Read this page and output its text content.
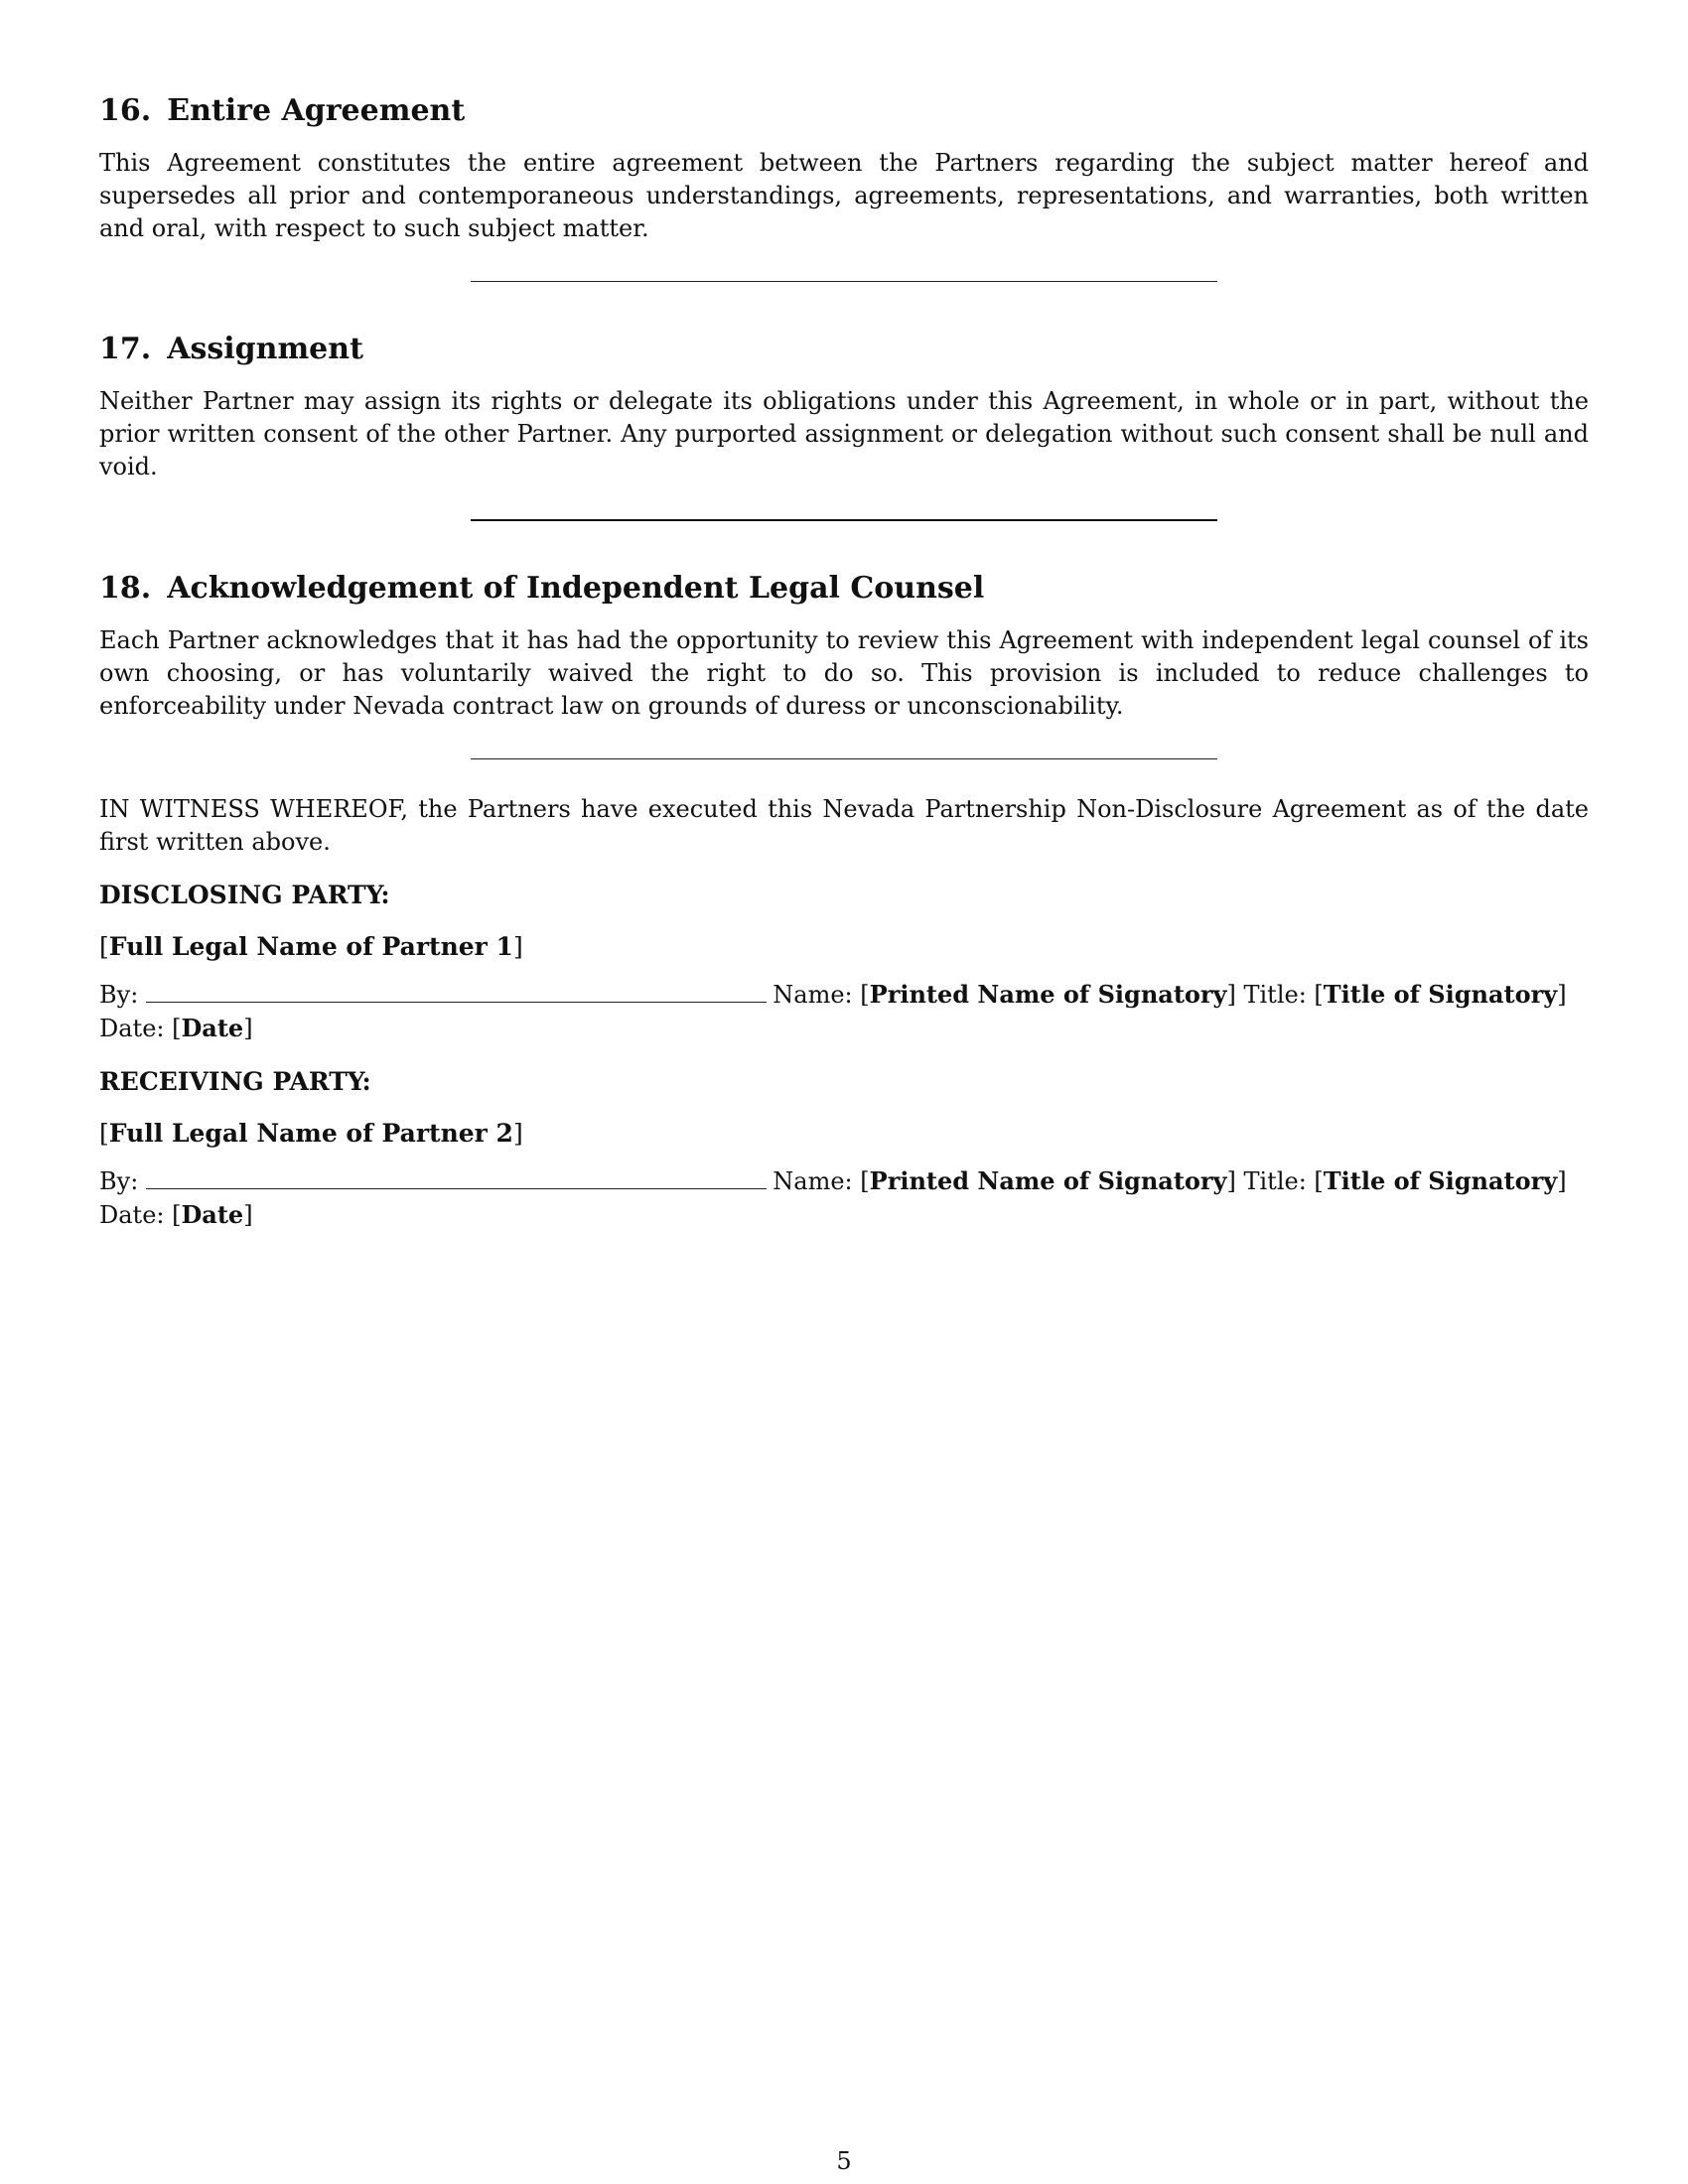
16. Entire Agreement

This Agreement constitutes the entire agreement between the Partners regarding the subject matter hereof and supersedes all prior and contemporaneous understandings, agreements, representations, and warranties, both written and oral, with respect to such subject matter.

17. Assignment

Neither Partner may assign its rights or delegate its obligations under this Agreement, in whole or in part, without the prior written consent of the other Partner. Any purported assignment or delegation without such consent shall be null and void.

18. Acknowledgement of Independent Legal Counsel

Each Partner acknowledges that it has had the opportunity to review this Agreement with independent legal counsel of its own choosing, or has voluntarily waived the right to do so. This provision is included to reduce challenges to enforceability under Nevada contract law on grounds of duress or unconscionability.

IN WITNESS WHEREOF, the Partners have executed this Nevada Partnership Non-Disclosure Agreement as of the date first written above.

DISCLOSING PARTY:

[Full Legal Name of Partner 1]

By:	Name: [ Printed Name of Signatory ] Title: [ Title of Signatory ]
Date: [Date]

RECEIVING PARTY:

[Full Legal Name of Partner 2]

By:	Name: [ Printed Name of Signatory ] Title: [ Title of Signatory ]
Date: [Date]
5
